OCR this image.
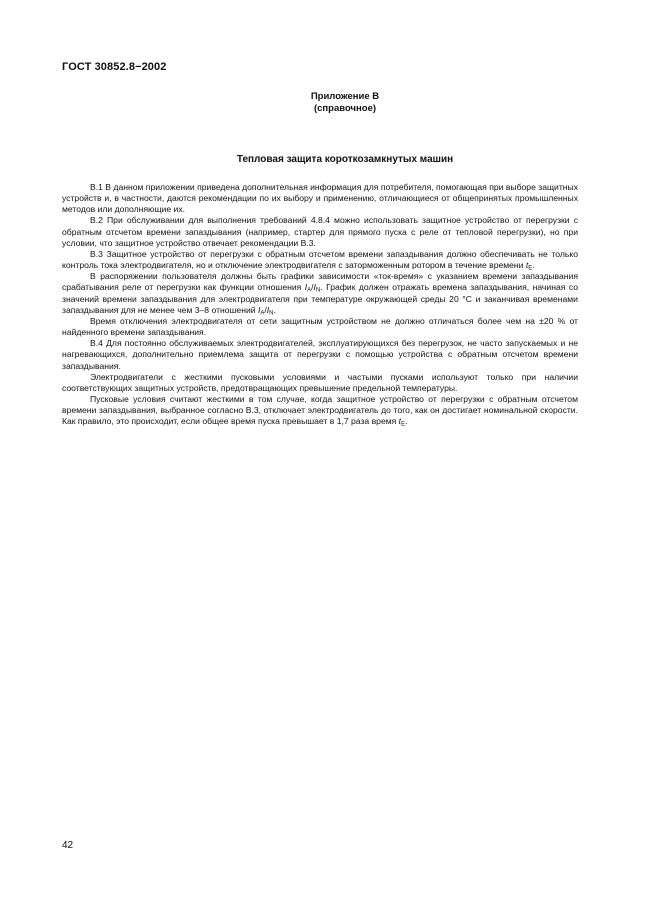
ГОСТ 30852.8−2002
Приложение В
(справочное)
Тепловая защита короткозамкнутых машин

В.1 В данном приложении приведена дополнительная информация для потребителя, помогающая при выборе защитных устройств и, в частности, даются рекомендации по их выбору и применению, отличающиеся от общепринятых промышленных методов или дополняющие их.

В.2 При обслуживании для выполнения требований 4.8.4 можно использовать защитное устройство от перегрузки с обратным отсчетом времени запаздывания (например, стартер для прямого пуска с реле от тепловой перегрузки), но при условии, что защитное устройство отвечает рекомендации В.3.

В.3 Защитное устройство от перегрузки с обратным отсчетом времени запаздывания должно обеспечивать не только контроль тока электродвигателя, но и отключение электродвигателя с заторможенным ротором в течение времени $t_E$.

В распоряжении пользователя должны быть графики зависимости «ток-время» с указанием времени запаздывания срабатывания реле от перегрузки как функции отношения $I_A/I_N$. График должен отражать времена запаздывания, начиная со значений времени запаздывания для электродвигателя при температуре окружающей среды 20 °С и заканчивая временами запаздывания для не менее чем 3–8 отношений $I_A/I_N$.

Время отключения электродвигателя от сети защитным устройством не должно отличаться более чем на ±20 % от найденного времени запаздывания.

В.4 Для постоянно обслуживаемых электродвигателей, эксплуатирующихся без перегрузок, не часто запускаемых и не нагревающихся, дополнительно приемлема защита от перегрузки с помощью устройства с обратным отсчетом времени запаздывания.

Электродвигатели с жесткими пусковыми условиями и частыми пусками используют только при наличии соответствующих защитных устройств, предотвращающих превышение предельной температуры.

Пусковые условия считают жесткими в том случае, когда защитное устройство от перегрузки с обратным отсчетом времени запаздывания, выбранное согласно В.3, отключает электродвигатель до того, как он достигает номинальной скорости. Как правило, это происходит, если общее время пуска превышает в 1,7 раза время $t_E$.

42
